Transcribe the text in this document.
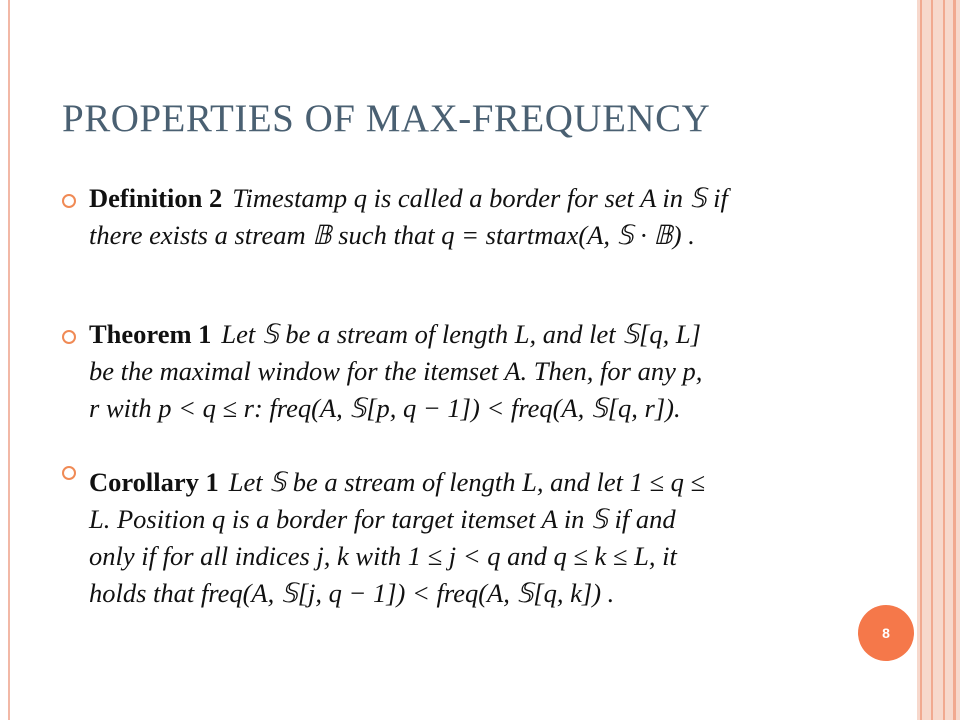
PROPERTIES OF MAX-FREQUENCY
Definition 2 Timestamp q is called a border for set A in 𝕊 if
there exists a stream 𝔹 such that q = startmax(A, 𝕊 · 𝔹) .
Theorem 1 Let 𝕊 be a stream of length L, and let 𝕊[q, L]
be the maximal window for the itemset A. Then, for any p,
r with p < q ≤ r: freq(A, 𝕊[p, q − 1]) < freq(A, 𝕊[q, r]).
Corollary 1 Let 𝕊 be a stream of length L, and let 1 ≤ q ≤
L. Position q is a border for target itemset A in 𝕊 if and
only if for all indices j, k with 1 ≤ j < q and q ≤ k ≤ L, it
holds that freq(A, 𝕊[j, q − 1]) < freq(A, 𝕊[q, k]) .
8
